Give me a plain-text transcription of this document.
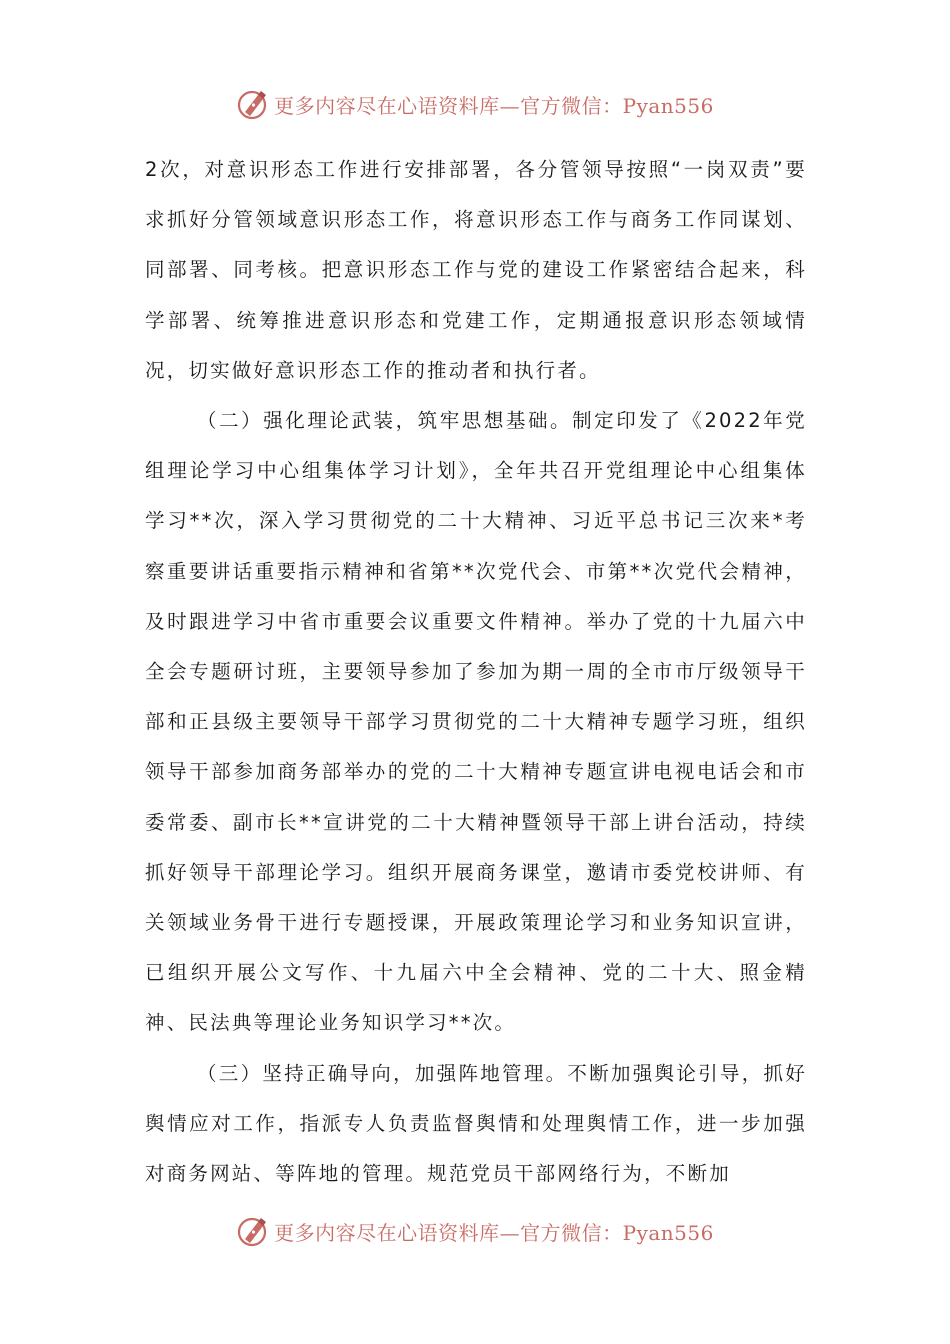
更多内容尽在心语资料库—官方微信：Pyan556

2次，对意识形态工作进行安排部署，各分管领导按照“一岗双责”要求抓好分管领域意识形态工作，将意识形态工作与商务工作同谋划、同部署、同考核。把意识形态工作与党的建设工作紧密结合起来，科学部署、统筹推进意识形态和党建工作，定期通报意识形态领域情况，切实做好意识形态工作的推动者和执行者。

（二）强化理论武装，筑牢思想基础。制定印发了《2022年党组理论学习中心组集体学习计划》，全年共召开党组理论中心组集体学习**次，深入学习贯彻党的二十大精神、习近平总书记三次来*考察重要讲话重要指示精神和省第**次党代会、市第**次党代会精神，及时跟进学习中省市重要会议重要文件精神。举办了党的十九届六中全会专题研讨班，主要领导参加了参加为期一周的全市市厅级领导干部和正县级主要领导干部学习贯彻党的二十大精神专题学习班，组织领导干部参加商务部举办的党的二十大精神专题宣讲电视电话会和市委常委、副市长**宣讲党的二十大精神暨领导干部上讲台活动，持续抓好领导干部理论学习。组织开展商务课堂，邀请市委党校讲师、有关领域业务骨干进行专题授课，开展政策理论学习和业务知识宣讲，已组织开展公文写作、十九届六中全会精神、党的二十大、照金精神、民法典等理论业务知识学习**次。

（三）坚持正确导向，加强阵地管理。不断加强舆论引导，抓好舆情应对工作，指派专人负责监督舆情和处理舆情工作，进一步加强对商务网站、等阵地的管理。规范党员干部网络行为，不断加

更多内容尽在心语资料库—官方微信：Pyan556
